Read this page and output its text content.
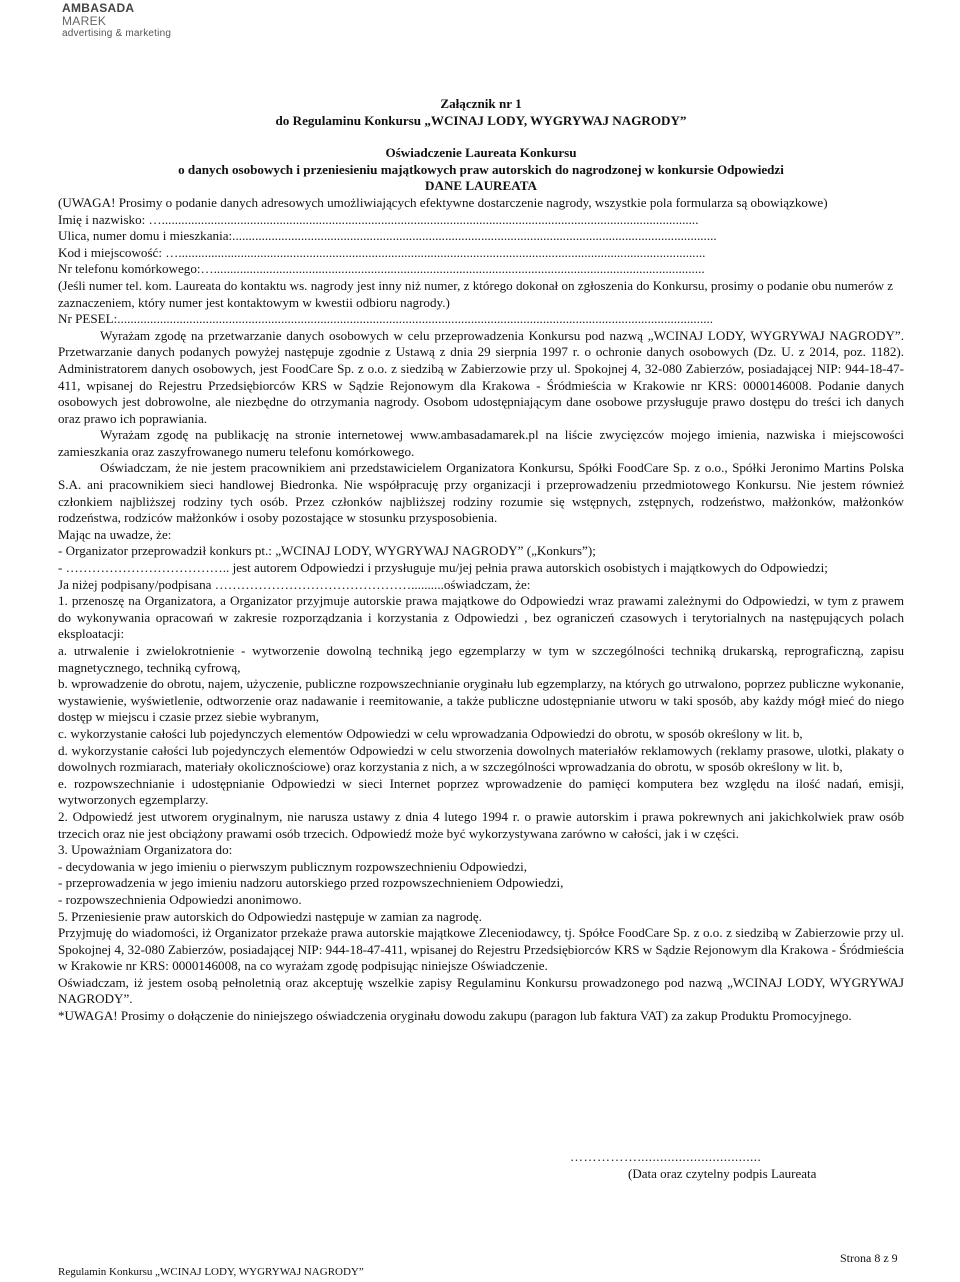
AMBASADA MAREK
advertising & marketing

Załącznik nr 1

do Regulaminu Konkursu „WCINAJ LODY, WYGRYWAJ NAGRODY”

Oświadczenie Laureata Konkursu

o danych osobowych i przeniesieniu majątkowych praw autorskich do nagrodzonej w konkursie Odpowiedzi

DANE LAUREATA

(UWAGA! Prosimy o podanie danych adresowych umożliwiających efektywne dostarczenie nagrody, wszystkie pola formularza są obowiązkowe)

Imię i nazwisko: …....................................................................................................................................................................

Ulica, numer domu i mieszkania:....................................................................................................................................................

Kod i miejscowość: ….................................................................................................................................................................

Nr telefonu komórkowego:…......................................................................................................................................................

(Jeśli numer tel. kom. Laureata do kontaktu ws. nagrody jest inny niż numer, z którego dokonał on zgłoszenia do Konkursu, prosimy o podanie obu numerów z zaznaczeniem, który numer jest kontaktowym w kwestii odbioru nagrody.)

Nr PESEL:......................................................................................................................................................................................

Wyrażam zgodę na przetwarzanie danych osobowych w celu przeprowadzenia Konkursu pod nazwą „WCINAJ LODY, WYGRYWAJ NAGRODY”. Przetwarzanie danych podanych powyżej następuje zgodnie z Ustawą z dnia 29 sierpnia 1997 r. o ochronie danych osobowych (Dz. U. z 2014, poz. 1182). Administratorem danych osobowych, jest FoodCare Sp. z o.o. z siedzibą w Zabierzowie przy ul. Spokojnej 4, 32-080 Zabierzów, posiadającej NIP: 944-18-47-411, wpisanej do Rejestru Przedsiębiorców KRS w Sądzie Rejonowym dla Krakowa - Śródmieścia w Krakowie nr KRS: 0000146008. Podanie danych osobowych jest dobrowolne, ale niezbędne do otrzymania nagrody. Osobom udostępniającym dane osobowe przysługuje prawo dostępu do treści ich danych oraz prawo ich poprawiania.

Wyrażam zgodę na publikację na stronie internetowej www.ambasadamarek.pl na liście zwycięzców mojego imienia, nazwiska i miejscowości zamieszkania oraz zaszyfrowanego numeru telefonu komórkowego.

Oświadczam, że nie jestem pracownikiem ani przedstawicielem Organizatora Konkursu, Spółki FoodCare Sp. z o.o., Spółki Jeronimo Martins Polska S.A. ani pracownikiem sieci handlowej Biedronka. Nie współpracuję przy organizacji i przeprowadzeniu przedmiotowego Konkursu. Nie jestem również członkiem najbliższej rodziny tych osób. Przez członków najbliższej rodziny rozumie się wstępnych, zstępnych, rodzeństwo, małżonków, małżonków rodzeństwa, rodziców małżonków i osoby pozostające w stosunku przysposobienia.

Mając na uwadze, że:

- Organizator przeprowadził konkurs pt.: „WCINAJ LODY, WYGRYWAJ NAGRODY” („Konkurs”);

- ……………………………….. jest autorem Odpowiedzi i przysługuje mu/jej pełnia prawa autorskich osobistych i majątkowych do Odpowiedzi;

Ja niżej podpisany/podpisana ………………………………………..........oświadczam, że:

1. przenoszę na Organizatora, a Organizator przyjmuje autorskie prawa majątkowe do Odpowiedzi wraz prawami zależnymi do Odpowiedzi, w tym z prawem do wykonywania opracowań w zakresie rozporządzania i korzystania z Odpowiedzi , bez ograniczeń czasowych i terytorialnych na następujących polach eksploatacji:

a. utrwalenie i zwielokrotnienie - wytworzenie dowolną techniką jego egzemplarzy w tym w szczególności techniką drukarską, reprograficzną, zapisu magnetycznego, techniką cyfrową,

b. wprowadzenie do obrotu, najem, użyczenie, publiczne rozpowszechnianie oryginału lub egzemplarzy, na których go utrwalono, poprzez publiczne wykonanie, wystawienie, wyświetlenie, odtworzenie oraz nadawanie i reemitowanie, a także publiczne udostępnianie utworu w taki sposób, aby każdy mógł mieć do niego dostęp w miejscu i czasie przez siebie wybranym,

c. wykorzystanie całości lub pojedynczych elementów Odpowiedzi w celu wprowadzania Odpowiedzi do obrotu, w sposób określony w lit. b,

d. wykorzystanie całości lub pojedynczych elementów Odpowiedzi w celu stworzenia dowolnych materiałów reklamowych (reklamy prasowe, ulotki, plakaty o dowolnych rozmiarach, materiały okolicznościowe) oraz korzystania z nich, a w szczególności wprowadzania do obrotu, w sposób określony w lit. b,

e. rozpowszechnianie i udostępnianie Odpowiedzi w sieci Internet poprzez wprowadzenie do pamięci komputera bez względu na ilość nadań, emisji, wytworzonych egzemplarzy.

2. Odpowiedź jest utworem oryginalnym, nie narusza ustawy z dnia 4 lutego 1994 r. o prawie autorskim i prawa pokrewnych ani jakichkolwiek praw osób trzecich oraz nie jest obciążony prawami osób trzecich. Odpowiedź może być wykorzystywana zarówno w całości, jak i w części.

3. Upoważniam Organizatora do:

- decydowania w jego imieniu o pierwszym publicznym rozpowszechnieniu Odpowiedzi,

- przeprowadzenia w jego imieniu nadzoru autorskiego przed rozpowszechnieniem Odpowiedzi,

- rozpowszechnienia Odpowiedzi anonimowo.

5. Przeniesienie praw autorskich do Odpowiedzi następuje w zamian za nagrodę.

Przyjmuję do wiadomości, iż Organizator przekaże prawa autorskie majątkowe Zleceniodawcy, tj. Spółce FoodCare Sp. z o.o. z siedzibą w Zabierzowie przy ul. Spokojnej 4, 32-080 Zabierzów, posiadającej NIP: 944-18-47-411, wpisanej do Rejestru Przedsiębiorców KRS w Sądzie Rejonowym dla Krakowa - Śródmieścia w Krakowie nr KRS: 0000146008, na co wyrażam zgodę podpisując niniejsze Oświadczenie.

Oświadczam, iż jestem osobą pełnoletnią oraz akceptuję wszelkie zapisy Regulaminu Konkursu prowadzonego pod nazwą „WCINAJ LODY, WYGRYWAJ NAGRODY”.

*UWAGA! Prosimy o dołączenie do niniejszego oświadczenia oryginału dowodu zakupu (paragon lub faktura VAT) za zakup Produktu Promocyjnego.

…………….................................
(Data oraz czytelny podpis Laureata
Strona 8 z 9
Regulamin Konkursu „WCINAJ LODY, WYGRYWAJ NAGRODY”
